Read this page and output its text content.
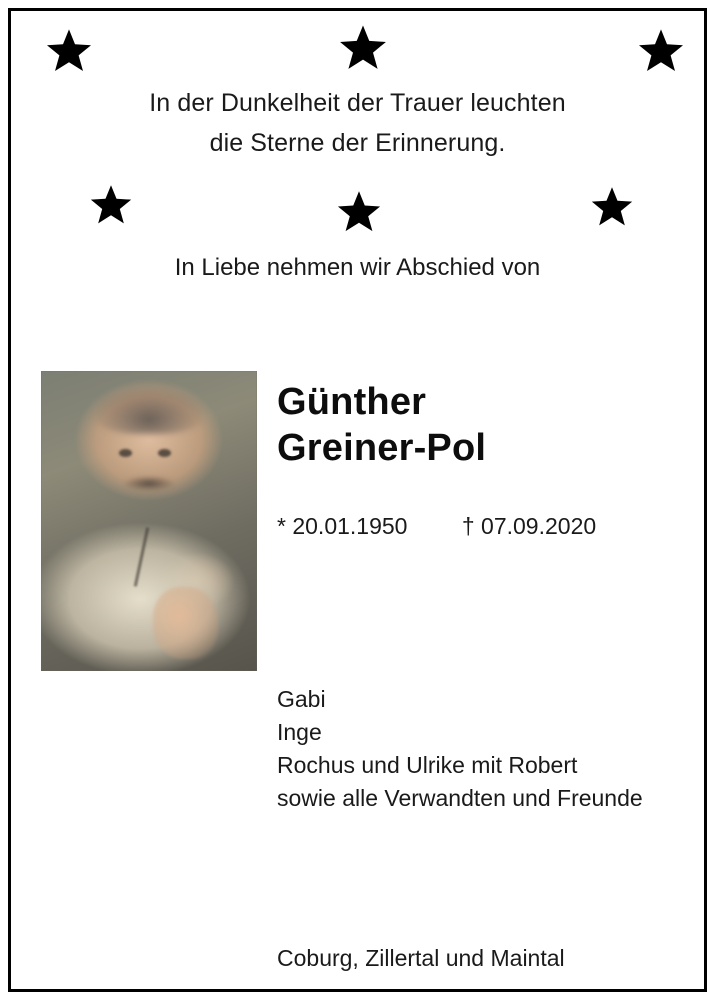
In der Dunkelheit der Trauer leuchten
die Sterne der Erinnerung.
In Liebe nehmen wir Abschied von
Günther
Greiner-Pol
* 20.01.1950 † 07.09.2020
Gabi
Inge
Rochus und Ulrike mit Robert
sowie alle Verwandten und Freunde
Coburg, Zillertal und Maintal
